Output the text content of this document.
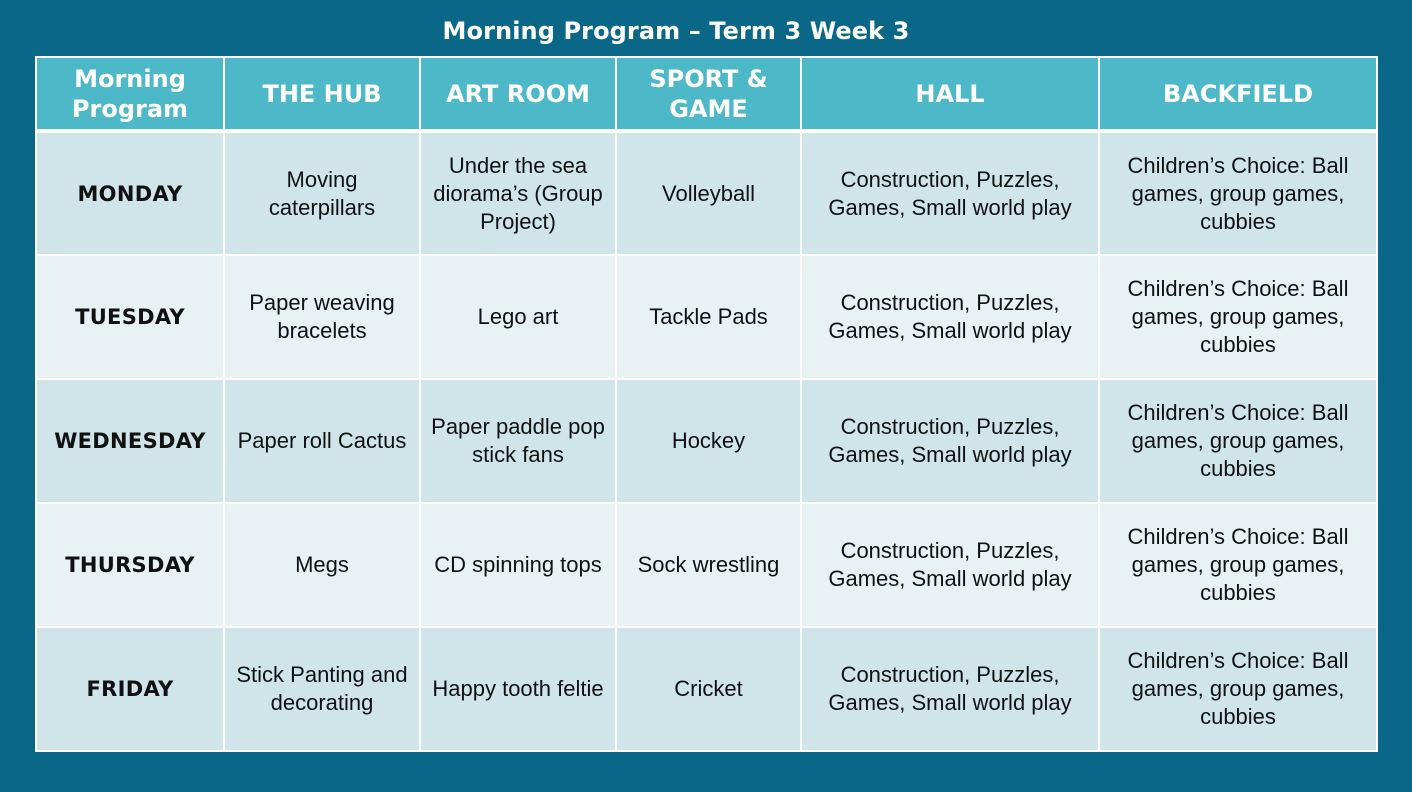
Morning Program – Term 3 Week 3
Morning Program	THE HUB	ART ROOM	SPORT & GAME	HALL	BACKFIELD
MONDAY	Moving caterpillars	Under the sea diorama’s (Group Project)	Volleyball	Construction, Puzzles, Games, Small world play	Children’s Choice: Ball games, group games, cubbies
TUESDAY	Paper weaving bracelets	Lego art	Tackle Pads	Construction, Puzzles, Games, Small world play	Children’s Choice: Ball games, group games, cubbies
WEDNESDAY	Paper roll Cactus	Paper paddle pop stick fans	Hockey	Construction, Puzzles, Games, Small world play	Children’s Choice: Ball games, group games, cubbies
THURSDAY	Megs	CD spinning tops	Sock wrestling	Construction, Puzzles, Games, Small world play	Children’s Choice: Ball games, group games, cubbies
FRIDAY	Stick Panting and decorating	Happy tooth feltie	Cricket	Construction, Puzzles, Games, Small world play	Children’s Choice: Ball games, group games, cubbies
